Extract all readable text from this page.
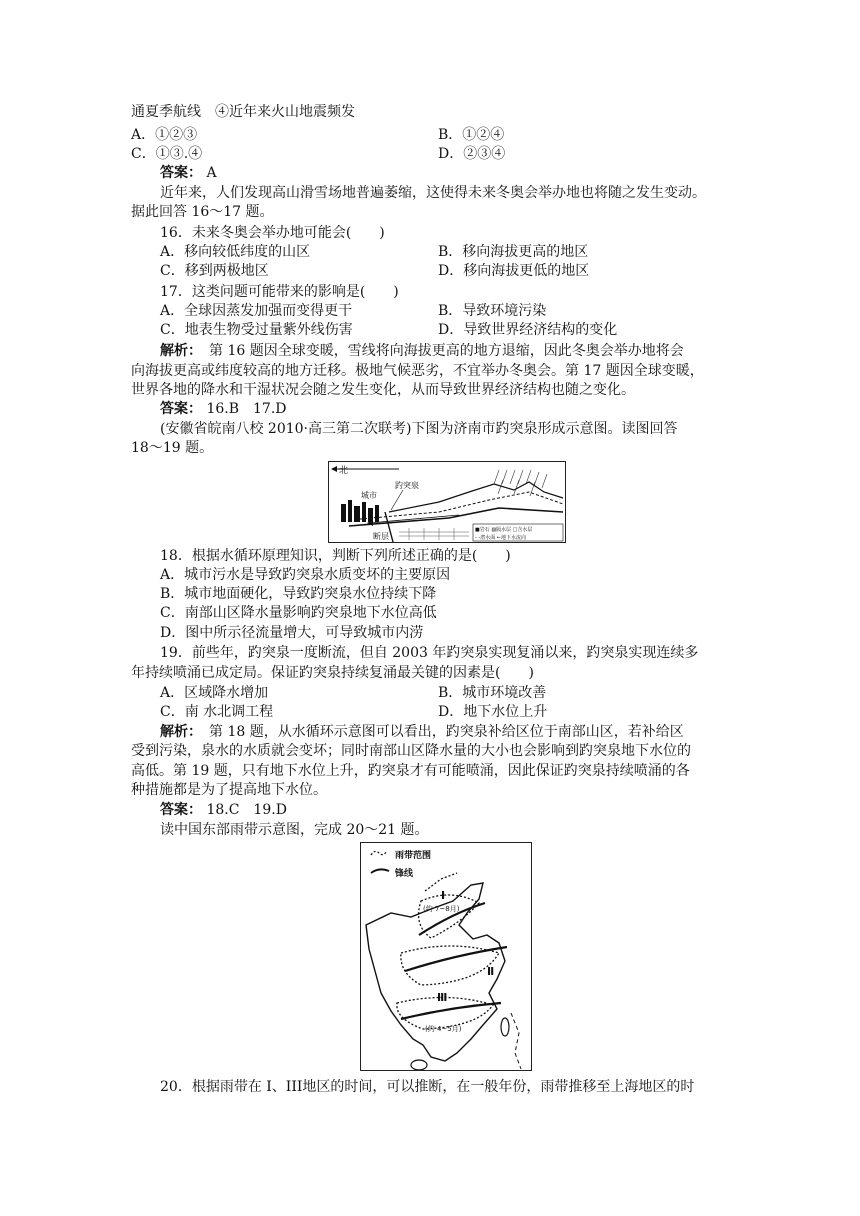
通夏季航线　④近年来火山地震频发
A．①②③	B．①②④
C．①③.④	D．②③④
答案： A
近年来，人们发现高山滑雪场地普遍萎缩，这使得未来冬奥会举办地也将随之发生变动。
据此回答 16～17 题。
16．未来冬奥会举办地可能会(　　)
A．移向较低纬度的山区	B．移向海拔更高的地区
C．移到两极地区	D．移向海拔更低的地区
17．这类问题可能带来的影响是(　　)
A．全球因蒸发加强而变得更干	B．导致环境污染
C．地表生物受过量紫外线伤害	D．导致世界经济结构的变化
解析：　第 16 题因全球变暖，雪线将向海拔更高的地方退缩，因此冬奥会举办地将会
向海拔更高或纬度较高的地方迁移。极地气候恶劣，不宜举办冬奥会。第 17 题因全球变暖，
世界各地的降水和干湿状况会随之发生变化，从而导致世界经济结构也随之变化。
答案： 16.B　17.D
(安徽省皖南八校 2010·高三第二次联考)下图为济南市趵突泉形成示意图。读图回答
18～19 题。
北
城市
趵突泉
断层
■岩石 ▨隔水层 □含水层
- -潜水面 ←地下水流向
18．根据水循环原理知识，判断下列所述正确的是(　　)
A．城市污水是导致趵突泉水质变坏的主要原因
B．城市地面硬化，导致趵突泉水位持续下降
C．南部山区降水量影响趵突泉地下水位高低
D．图中所示径流量增大，可导致城市内涝
19．前些年，趵突泉一度断流，但自 2003 年趵突泉实现复涌以来，趵突泉实现连续多
年持续喷涌已成定局。保证趵突泉持续复涌最关键的因素是(　　)
A．区域降水增加	B．城市环境改善
C．南 水北调工程	D．地下水位上升
解析：　第 18 题，从水循环示意图可以看出，趵突泉补给区位于南部山区，若补给区
受到污染，泉水的水质就会变坏；同时南部山区降水量的大小也会影响到趵突泉地下水位的
高低。第 19 题，只有地下水位上升，趵突泉才有可能喷涌，因此保证趵突泉持续喷涌的各
种措施都是为了提高地下水位。
答案： 18.C　19.D
读中国东部雨带示意图，完成 20～21 题。
雨带范围
锋线
Ⅰ
(约 7~8月)
Ⅱ
Ⅲ
(约 4~5月)
20．根据雨带在 I、III地区的时间，可以推断，在一般年份，雨带推移至上海地区的时
